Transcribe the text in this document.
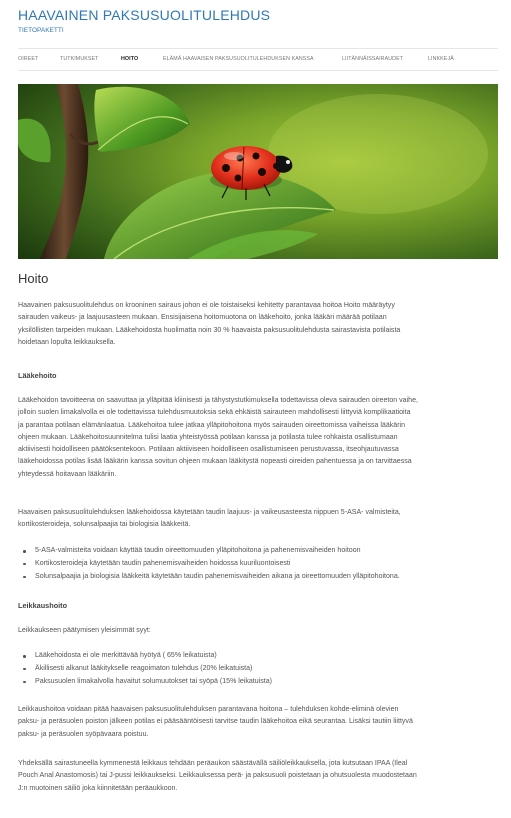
HAAVAINEN PAKSUSUOLITULEHDUS
TIETOPAKETTI
OIREET	TUTKIMUKSET	HOITO	ELÄMÄ HAAVAISEN PAKSUSUOLITULEHDUKSEN KANSSA	LIITÄNNÄISSAIRAUDET	LINKKEJÄ
Hoito

Haavainen paksusuolitulehdus on krooninen sairaus johon ei ole toistaiseksi kehitetty parantavaa hoitoa Hoito määräytyy

sairauden vaikeus- ja laajuusasteen mukaan. Ensisijaisena hoitomuotona on lääkehoito, jonka lääkäri määrää potilaan

yksilöllisten tarpeiden mukaan. Lääkehoidosta huolimatta noin 30 % haavaista paksusuolitulehdusta sairastavista potilaista

hoidetaan lopulta leikkauksella.

Lääkehoito

Lääkehoidon tavoitteena on saavuttaa ja ylläpitää kliinisesti ja tähystystutkimuksella todettavissa oleva sairauden oireeton vaihe,

jolloin suolen limakalvolla ei ole todettavissa tulehdusmuutoksia sekä ehkäistä sairauteen mahdollisesti liittyviä komplikaatioita

ja parantaa potilaan elämänlaatua. Lääkehoitoa tulee jatkaa ylläpitohoitona myös sairauden oireettomissa vaiheissa lääkärin

ohjeen mukaan. Lääkehoitosuunnitelma tulisi laatia yhteistyössä potilaan kanssa ja potilasta tulee rohkaista osallistumaan

aktiivisesti hoidolliseen päätöksentekoon. Potilaan aktiiviseen hoidolliseen osallistumiseen perustuvassa, itseohjautuvassa

lääkehoidossa potilas lisää lääkärin kanssa sovitun ohjeen mukaan lääkitystä nopeasti oireiden pahentuessa ja on tarvittaessa

yhteydessä hoitavaan lääkäriin.

Haavaisen paksusuolitulehduksen lääkehoidossa käytetään taudin laajuus- ja vaikeusasteesta riippuen 5-ASA- valmisteita,

kortikosteroideja, solunsalpaajia tai biologisia lääkkeitä.

5-ASA-valmisteita voidaan käyttää taudin oireettomuuden ylläpitohoitona ja pahenemisvaiheiden hoitoon
Kortikosteroideja käytetään taudin pahenemisvaiheiden hoidossa kuuriluontoisesti
Solunsalpaajia ja biologisia lääkkeitä käytetään taudin pahenemisvaiheiden aikana ja oireettomuuden ylläpitohoitona.
Leikkaushoito

Leikkaukseen päätymisen yleisimmät syyt:

Lääkehoidosta ei ole merkittävää hyötyä ( 65% leikatuista)
Äkillisesti alkanut lääkitykselle reagoimaton tulehdus (20% leikatuista)
Paksusuolen limakalvolla havaitut solumuutokset tai syöpä (15% leikatuista)

Leikkaushoitoa voidaan pitää haavaisen paksusuolitulehduksen parantavana hoitona – tulehduksen kohde-eliminä olevien

paksu- ja peräsuolen poiston jälkeen potilas ei pääsääntöisesti tarvitse taudin lääkehoitoa eikä seurantaa. Lisäksi tautiin liittyvä

paksu- ja peräsuolen syöpävaara poistuu.

Yhdeksällä sairastuneella kymmenestä leikkaus tehdään peräaukon säästävällä säiliöleikkauksella, jota kutsutaan IPAA (Ileal

Pouch Anal Anastomosis) tai J-pussi leikkaukseksi. Leikkauksessa perä- ja paksusuoli poistetaan ja ohutsuolesta muodostetaan

J:n muotoinen säiliö joka kiinnitetään peräaukkoon.
